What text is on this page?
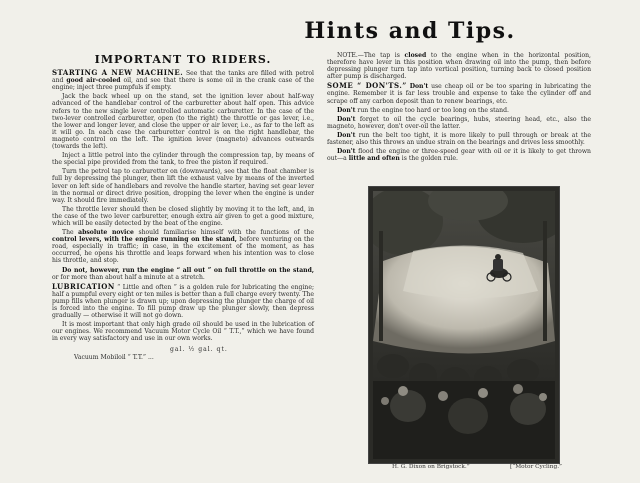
Hints and Tips.
IMPORTANT TO RIDERS.

STARTING A NEW MACHINE. See that the tanks are filled with petrol and good air-cooled oil, and see that there is some oil in the crank case of the engine; inject three pumpfuls if empty.

Jack the back wheel up on the stand, set the ignition lever about half-way advanced of the handlebar control of the carburetter about half open. This advice refers to the new single lever controlled automatic carburetter. In the case of the two-lever controlled carburetter, open (to the right) the throttle or gas lever, i.e., the lower and longer lever, and close the upper or air lever, i.e., as far to the left as it will go. In each case the carburetter control is on the right handlebar, the magneto control on the left. The ignition lever (magneto) advances outwards (towards the left).

Inject a little petrol into the cylinder through the compression tap, by means of the special pipe provided from the tank, to free the piston if required.

Turn the petrol tap to carburetter on (downwards), see that the float chamber is full by depressing the plunger, then lift the exhaust valve by means of the inverted lever on left side of handlebars and revolve the handle starter, having set gear lever in the normal or direct drive position, dropping the lever when the engine is under way. It should fire immediately.

The throttle lever should then be closed slightly by moving it to the left, and, in the case of the two lever carburetter, enough extra air given to get a good mixture, which will be easily detected by the beat of the engine.

The absolute novice should familiarise himself with the functions of the control levers, with the engine running on the stand, before venturing on the road, especially in traffic; in case, in the excitement of the moment, as has occurred, he opens his throttle and leaps forward when his intention was to close his throttle, and stop.

Do not, however, run the engine “ all out ” on full throttle on the stand, or for more than about half a minute at a stretch.

LUBRICATION “ Little and often ” is a golden rule for lubricating the engine; half a pumpful every eight or ten miles is better than a full charge every twenty. The pump fills when plunger is drawn up; upon depressing the plunger the charge of oil is forced into the engine. To fill pump draw up the plunger slowly, then depress gradually — otherwise it will not go down.

It is most important that only high grade oil should be used in the lubrication of our engines. We recommend Vacuum Motor Cycle Oil “ T.T.,” which we have found in every way satisfactory and use in our own works.

gal. ½ gal. qt.
Vacuum Mobiloil “ T.T.” ...

NOTE.—The tap is closed to the engine when in the horizontal position, therefore have lever in this position when drawing oil into the pump, then before depressing plunger turn tap into vertical position, turning back to closed position after pump is discharged.

SOME “ DON'TS.” Don't use cheap oil or be too sparing in lubricating the engine. Remember it is far less trouble and expense to take the cylinder off and scrape off any carbon deposit than to renew bearings, etc.

Don't run the engine too hard or too long on the stand.

Don't forget to oil the cycle bearings, hubs, steering head, etc., also the magneto, however, don't over-oil the latter.

Don't run the belt too tight, it is more likely to pull through or break at the fastener, also this throws an undue strain on the bearings and drives less smoothly.

Don't flood the engine or three-speed gear with oil or it is likely to get thrown out—a little and often is the golden rule.

H. G. Dixon on Brigstock.”	[“Motor Cycling.”
